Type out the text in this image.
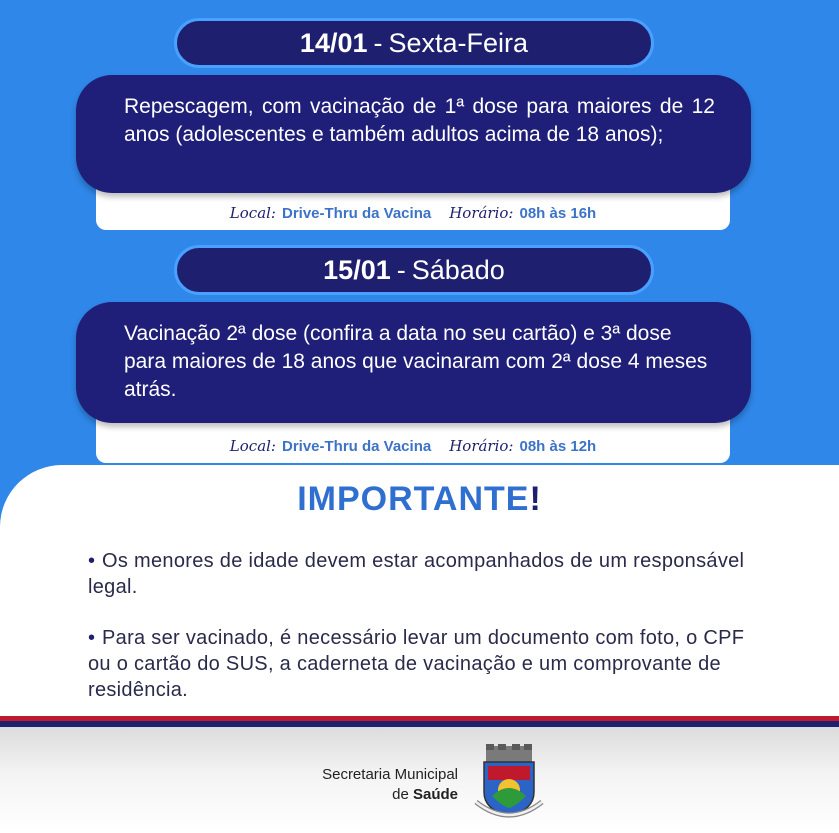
14/01 - Sexta-Feira
Local: Drive-Thru da Vacina Horário: 08h às 16h
Repescagem, com vacinação de 1ª dose para maiores de 12 anos (adolescentes e também adultos acima de 18 anos);
15/01 - Sábado
Local: Drive-Thru da Vacina Horário: 08h às 12h
Vacinação 2ª dose (confira a data no seu cartão) e 3ª dose para maiores de 18 anos que vacinaram com 2ª dose 4 meses atrás.
IMPORTANTE!
• Os menores de idade devem estar acompanhados de um responsável legal.
• Para ser vacinado, é necessário levar um documento com foto, o CPF ou o cartão do SUS, a caderneta de vacinação e um comprovante de residência.
Secretaria Municipal
de Saúde
